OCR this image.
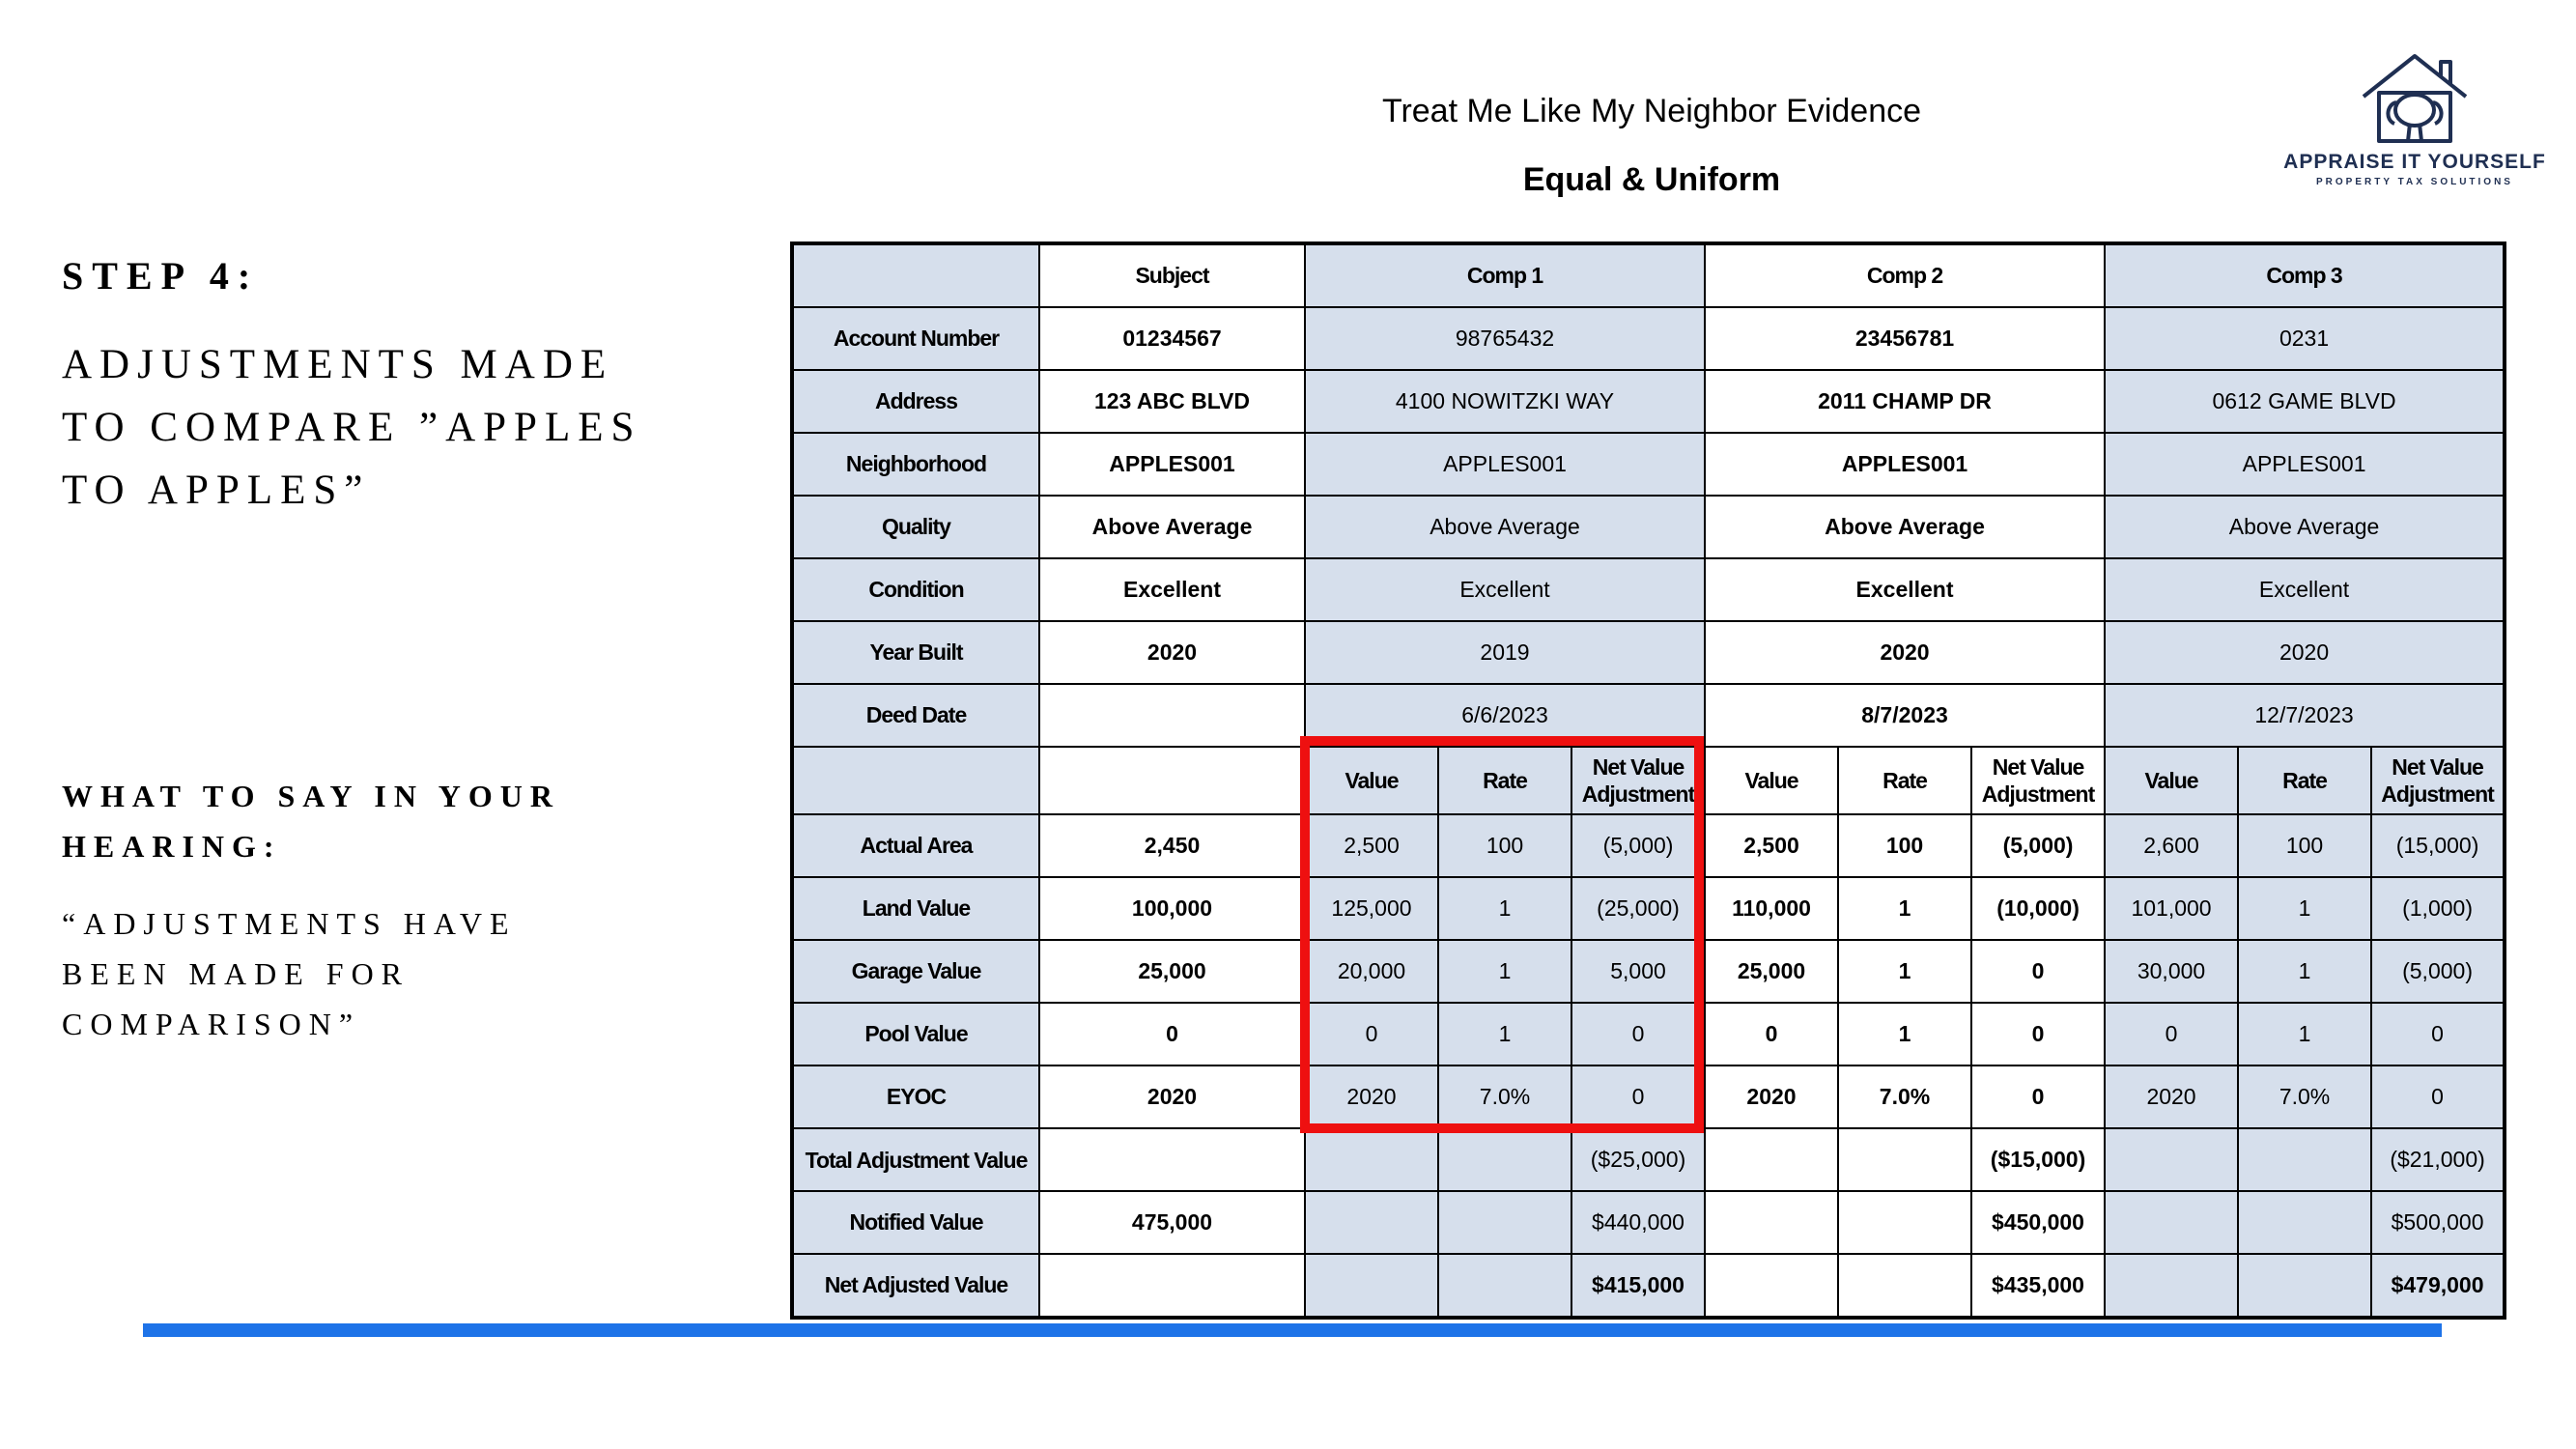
Treat Me Like My Neighbor Evidence
Equal & Uniform	APPRAISE IT YOURSELF
PROPERTY TAX SOLUTIONS
STEP 4:
ADJUSTMENTS MADE TO COMPARE ”APPLES TO APPLES”
WHAT TO SAY IN YOUR HEARING:
“ADJUSTMENTS HAVE BEEN MADE FOR COMPARISON”
	Subject	Comp 1			Comp 2			Comp 3		
Account Number	01234567	98765432			23456781			0231		
Address	123 ABC BLVD	4100 NOWITZKI WAY			2011 CHAMP DR			0612 GAME BLVD		
Neighborhood	APPLES001	APPLES001			APPLES001			APPLES001		
Quality	Above Average	Above Average			Above Average			Above Average		
Condition	Excellent	Excellent			Excellent			Excellent		
Year Built	2020	2019			2020			2020		
Deed Date		6/6/2023			8/7/2023			12/7/2023		
		Value	Rate	Net Value Adjustment	Value	Rate	Net Value Adjustment	Value	Rate	Net Value Adjustment
Actual Area	2,450	2,500	100	(5,000)	2,500	100	(5,000)	2,600	100	(15,000)
Land Value	100,000	125,000	1	(25,000)	110,000	1	(10,000)	101,000	1	(1,000)
Garage Value	25,000	20,000	1	5,000	25,000	1	0	30,000	1	(5,000)
Pool Value	0	0	1	0	0	1	0	0	1	0
EYOC	2020	2020	7.0%	0	2020	7.0%	0	2020	7.0%	0
Total Adjustment Value				($25,000)			($15,000)			($21,000)
Notified Value	475,000			$440,000			$450,000			$500,000
Net Adjusted Value				$415,000			$435,000			$479,000
